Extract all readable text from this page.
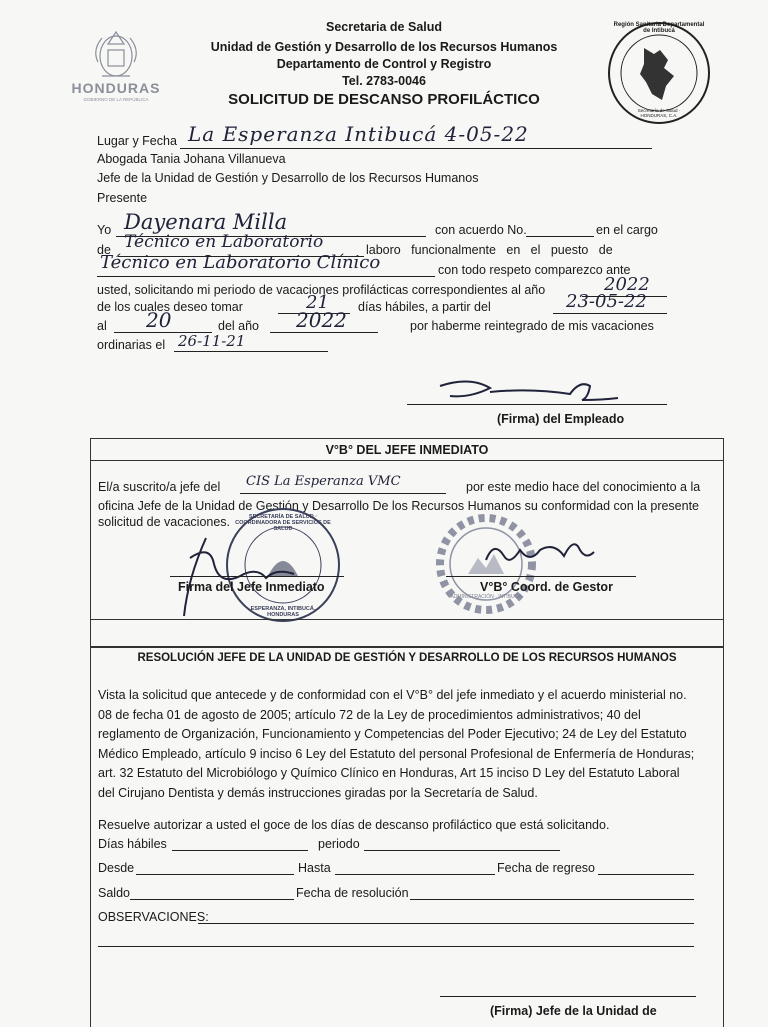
HONDURAS
GOBIERNO DE LA REPÚBLICA
Secretaria de Salud
Unidad de Gestión y Desarrollo de los Recursos Humanos
Departamento de Control y Registro
Tel. 2783-0046
SOLICITUD DE DESCANSO PROFILÁCTICO
Región Sanitaria Departamental de Intibucá
Secretaría de Salud · HONDURAS, C.A.
Lugar y Fecha La Esperanza Intibucá 4-05-22
Abogada Tania Johana Villanueva
Jefe de la Unidad de Gestión y Desarrollo de los Recursos Humanos
Presente
Yo Dayenara Milla	con acuerdo No.	en el cargo
de Técnico en Laboratorio	laboro   funcionalmente   en   el   puesto   de
Técnico en Laboratorio Clínico	con todo respeto comparezco ante
usted, solicitando mi periodo de vacaciones profilácticas correspondientes al año	2022
de los cuales deseo tomar	21 días hábiles, a partir del	23-05-22
al 20	del año 2022	por haberme reintegrado de mis vacaciones
ordinarias el 26-11-21
(Firma) del Empleado
V°B° DEL JEFE INMEDIATO
El/a suscrito/a jefe del CIS La Esperanza VMC	por este medio hace del conocimiento a la
oficina Jefe de la Unidad de Gestión y Desarrollo De los Recursos Humanos su conformidad con la presente
solicitud de vacaciones.	SECRETARÍA DE SALUD · COORDINADORA DE SERVICIOS DE SALUD
ESPERANZA, INTIBUCÁ, HONDURAS
ADMINISTRACIÓN · INTIBUCÁ
Firma del Jefe Inmediato	V°B° Coord. de Gestor
RESOLUCIÓN JEFE DE LA UNIDAD DE GESTIÓN Y DESARROLLO DE LOS RECURSOS HUMANOS

Vista la solicitud que antecede y de conformidad con el V°B° del jefe inmediato y el acuerdo ministerial no.

08 de fecha 01 de agosto de 2005; artículo 72 de la Ley de procedimientos administrativos; 40 del

reglamento de Organización, Funcionamiento y Competencias del Poder Ejecutivo; 24 de Ley del Estatuto

Médico Empleado, artículo 9 inciso 6 Ley del Estatuto del personal Profesional de Enfermería de Honduras;

art. 32 Estatuto del Microbiólogo y Químico Clínico en Honduras, Art 15 inciso D Ley del Estatuto Laboral

del Cirujano Dentista y demás instrucciones giradas por la Secretaría de Salud.

Resuelve autorizar a usted el goce de los días de descanso profiláctico que está solicitando.
Días hábiles	periodo
Desde	Hasta	Fecha de regreso
Saldo	Fecha de resolución
OBSERVACIONES:
(Firma) Jefe de la Unidad de
